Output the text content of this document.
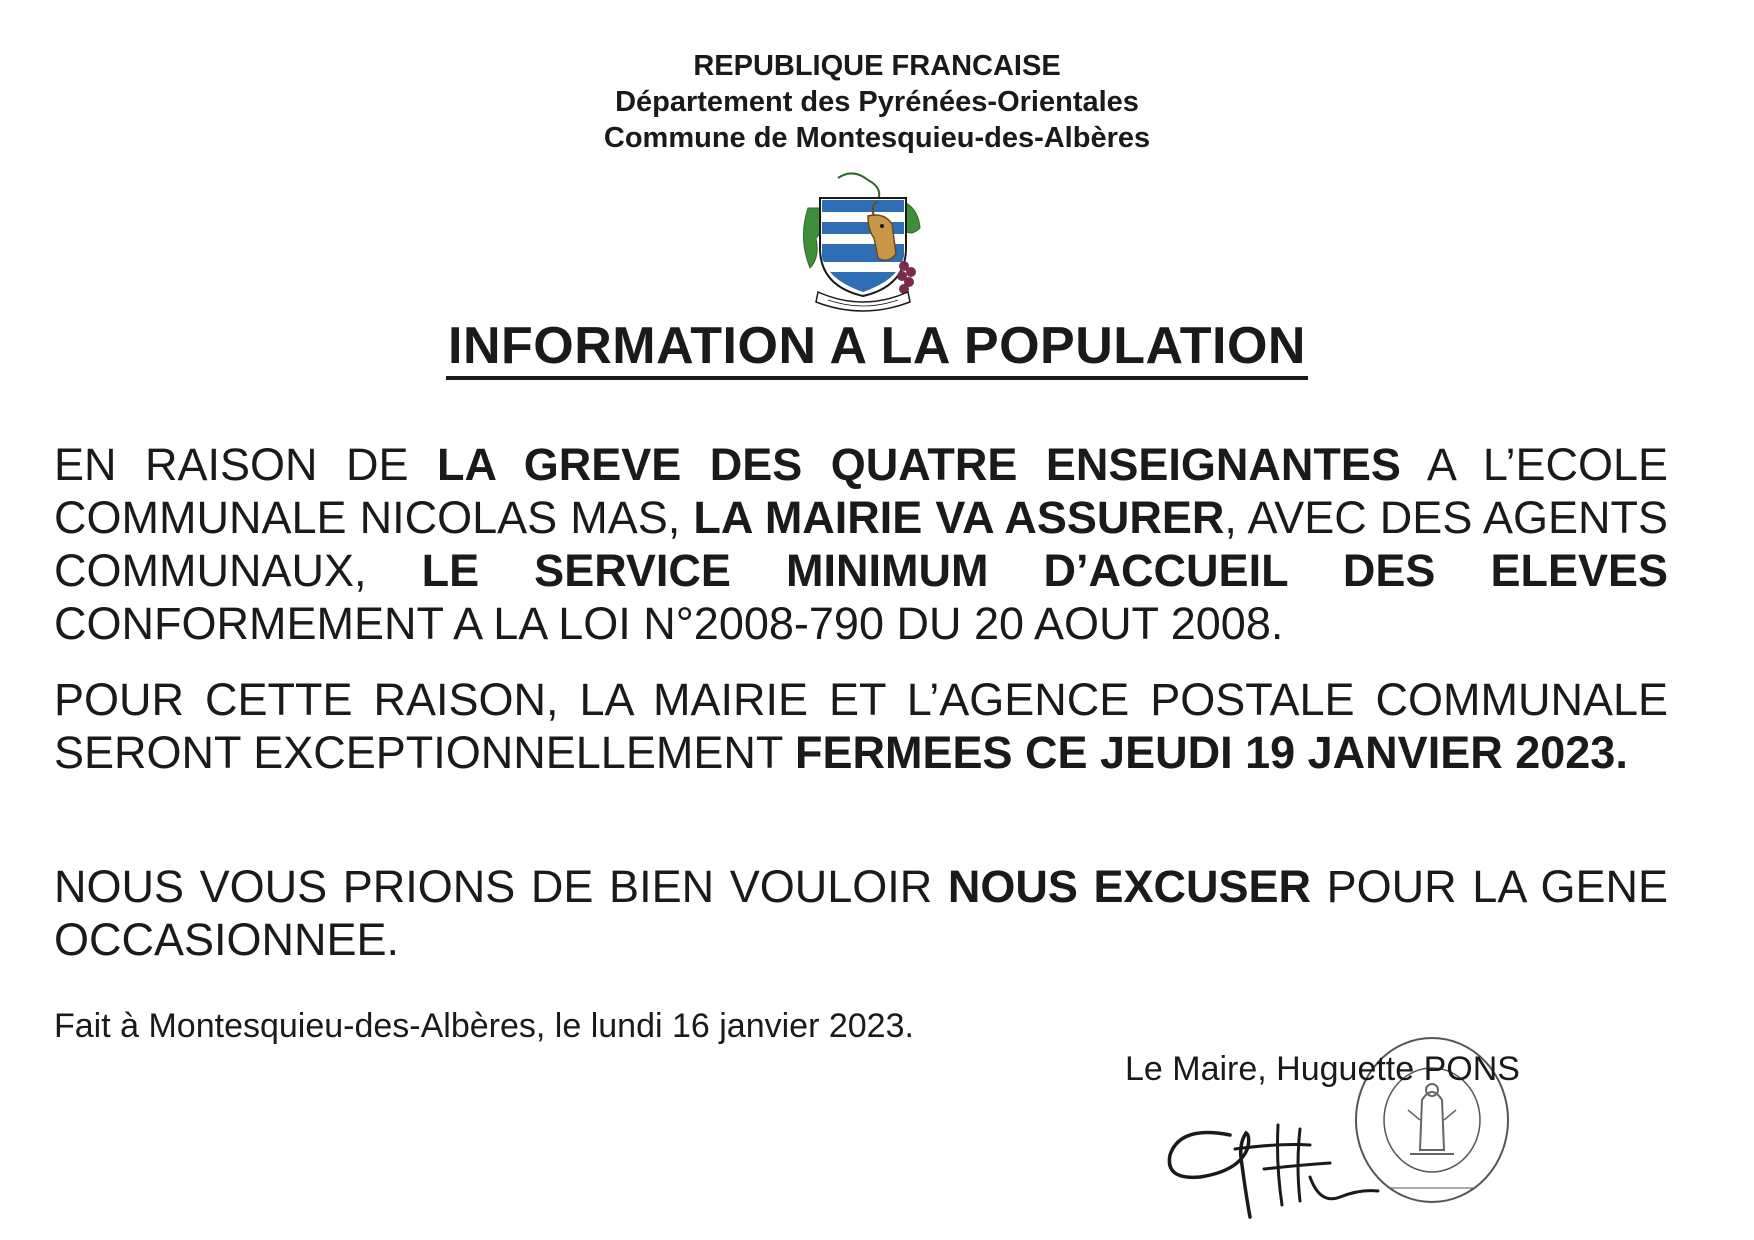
REPUBLIQUE FRANCAISE
Département des Pyrénées-Orientales
Commune de Montesquieu-des-Albères
INFORMATION A LA POPULATION
EN RAISON DE LA GREVE DES QUATRE ENSEIGNANTES A L’ECOLE COMMUNALE NICOLAS MAS, LA MAIRIE VA ASSURER, AVEC DES AGENTS COMMUNAUX, LE SERVICE MINIMUM D’ACCUEIL DES ELEVES CONFORMEMENT A LA LOI N°2008-790 DU 20 AOUT 2008.
POUR CETTE RAISON, LA MAIRIE ET L’AGENCE POSTALE COMMUNALE SERONT EXCEPTIONNELLEMENT FERMEES CE JEUDI 19 JANVIER 2023.
NOUS VOUS PRIONS DE BIEN VOULOIR NOUS EXCUSER POUR LA GENE OCCASIONNEE.
Fait à Montesquieu-des-Albères, le lundi 16 janvier 2023.
Le Maire, Huguette PONS
